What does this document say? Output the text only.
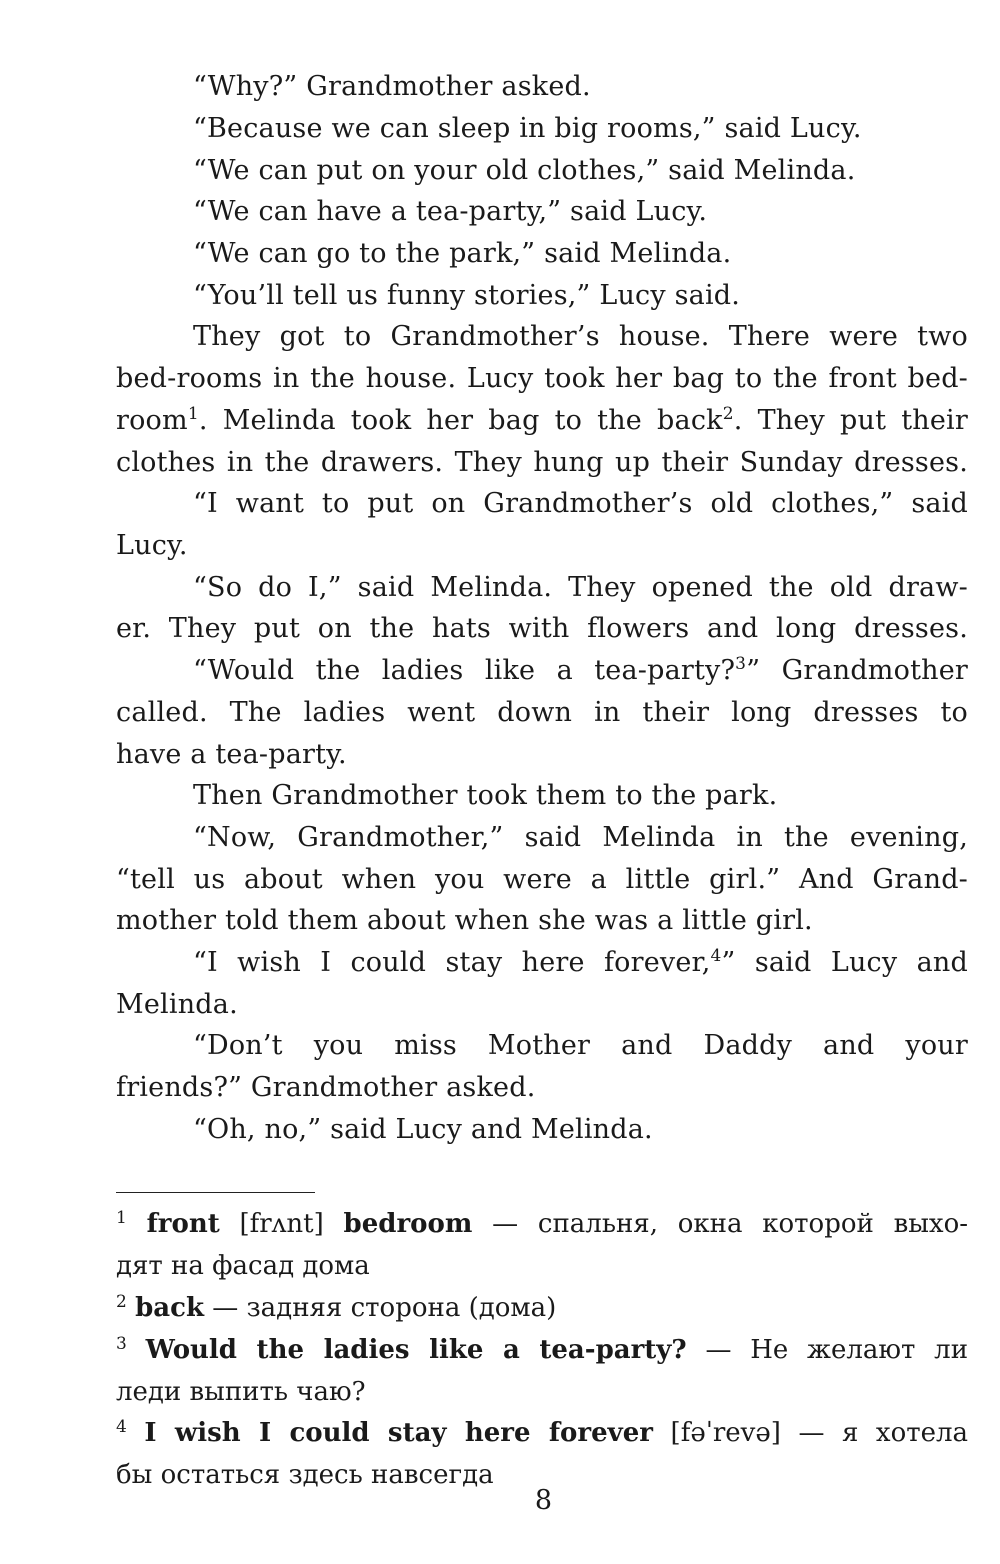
“Why?” Grandmother asked.
“Because we can sleep in big rooms,” said Lucy.
“We can put on your old clothes,” said Melinda.
“We can have a tea-party,” said Lucy.
“We can go to the park,” said Melinda.
“You’ll tell us funny stories,” Lucy said.
They got to Grandmother’s house. There were two
bed-rooms in the house. Lucy took her bag to the front bed-
room$^1$. Melinda took her bag to the back$^2$. They put their
clothes in the drawers. They hung up their Sunday dresses.
“I want to put on Grandmother’s old clothes,” said
Lucy.
“So do I,” said Melinda. They opened the old draw-
er. They put on the hats with flowers and long dresses.
“Would the ladies like a tea-party?$^3$” Grandmother
called. The ladies went down in their long dresses to
have a tea-party.
Then Grandmother took them to the park.
“Now, Grandmother,” said Melinda in the evening,
“tell us about when you were a little girl.” And Grand-
mother told them about when she was a little girl.
“I wish I could stay here forever,$^4$” said Lucy and
Melinda.
“Don’t you miss Mother and Daddy and your
friends?” Grandmother asked.
“Oh, no,” said Lucy and Melinda.
$^1$ front [frʌnt] bedroom — спальня, окна которой выхо-
дят на фасад дома
$^2$ back — задняя сторона (дома)
$^3$ Would the ladies like a tea-party? — Не желают ли
леди выпить чаю?
$^4$ I wish I could stay here forever [fəˈrevə] — я хотела
бы остаться здесь навсегда
8
